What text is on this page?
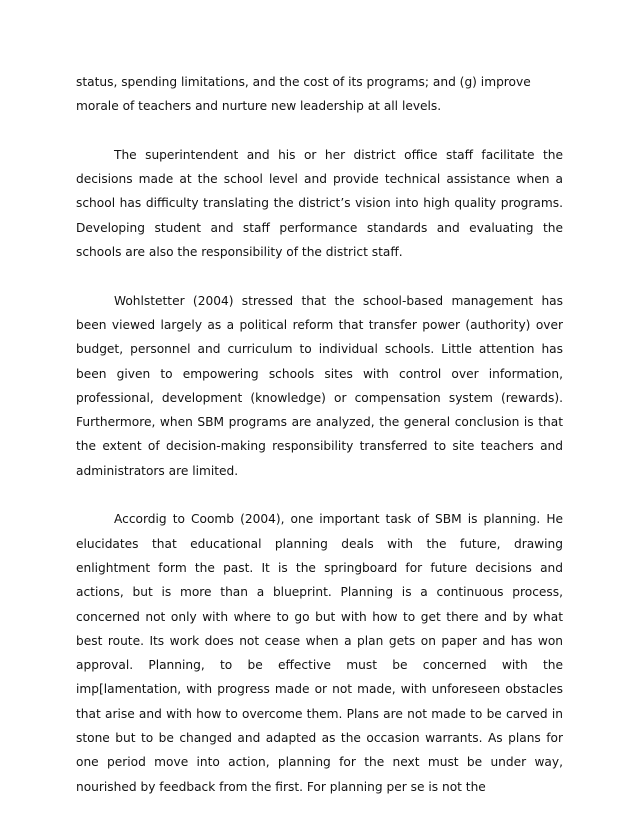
status, spending limitations, and the cost of its programs; and (g) improve morale of teachers and nurture new leadership at all levels.

The superintendent and his or her district office staff facilitate the decisions made at the school level and provide technical assistance when a school has difficulty translating the district’s vision into high quality programs. Developing student and staff performance standards and evaluating the schools are also the responsibility of the district staff.

Wohlstetter (2004) stressed that the school-based management has been viewed largely as a political reform that transfer power (authority) over budget, personnel and curriculum to individual schools. Little attention has been given to empowering schools sites with control over information, professional, development (knowledge) or compensation system (rewards). Furthermore, when SBM programs are analyzed, the general conclusion is that the extent of decision-making responsibility transferred to site teachers and administrators are limited.

Accordig to Coomb (2004), one important task of SBM is planning. He elucidates that educational planning deals with the future, drawing enlightment form the past. It is the springboard for future decisions and actions, but is more than a blueprint. Planning is a continuous process, concerned not only with where to go but with how to get there and by what best route. Its work does not cease when a plan gets on paper and has won approval. Planning, to be effective must be concerned with the imp[lamentation, with progress made or not made, with unforeseen obstacles that arise and with how to overcome them. Plans are not made to be carved in stone but to be changed and adapted as the occasion warrants. As plans for one period move into action, planning for the next must be under way, nourished by feedback from the first. For planning per se is not the
